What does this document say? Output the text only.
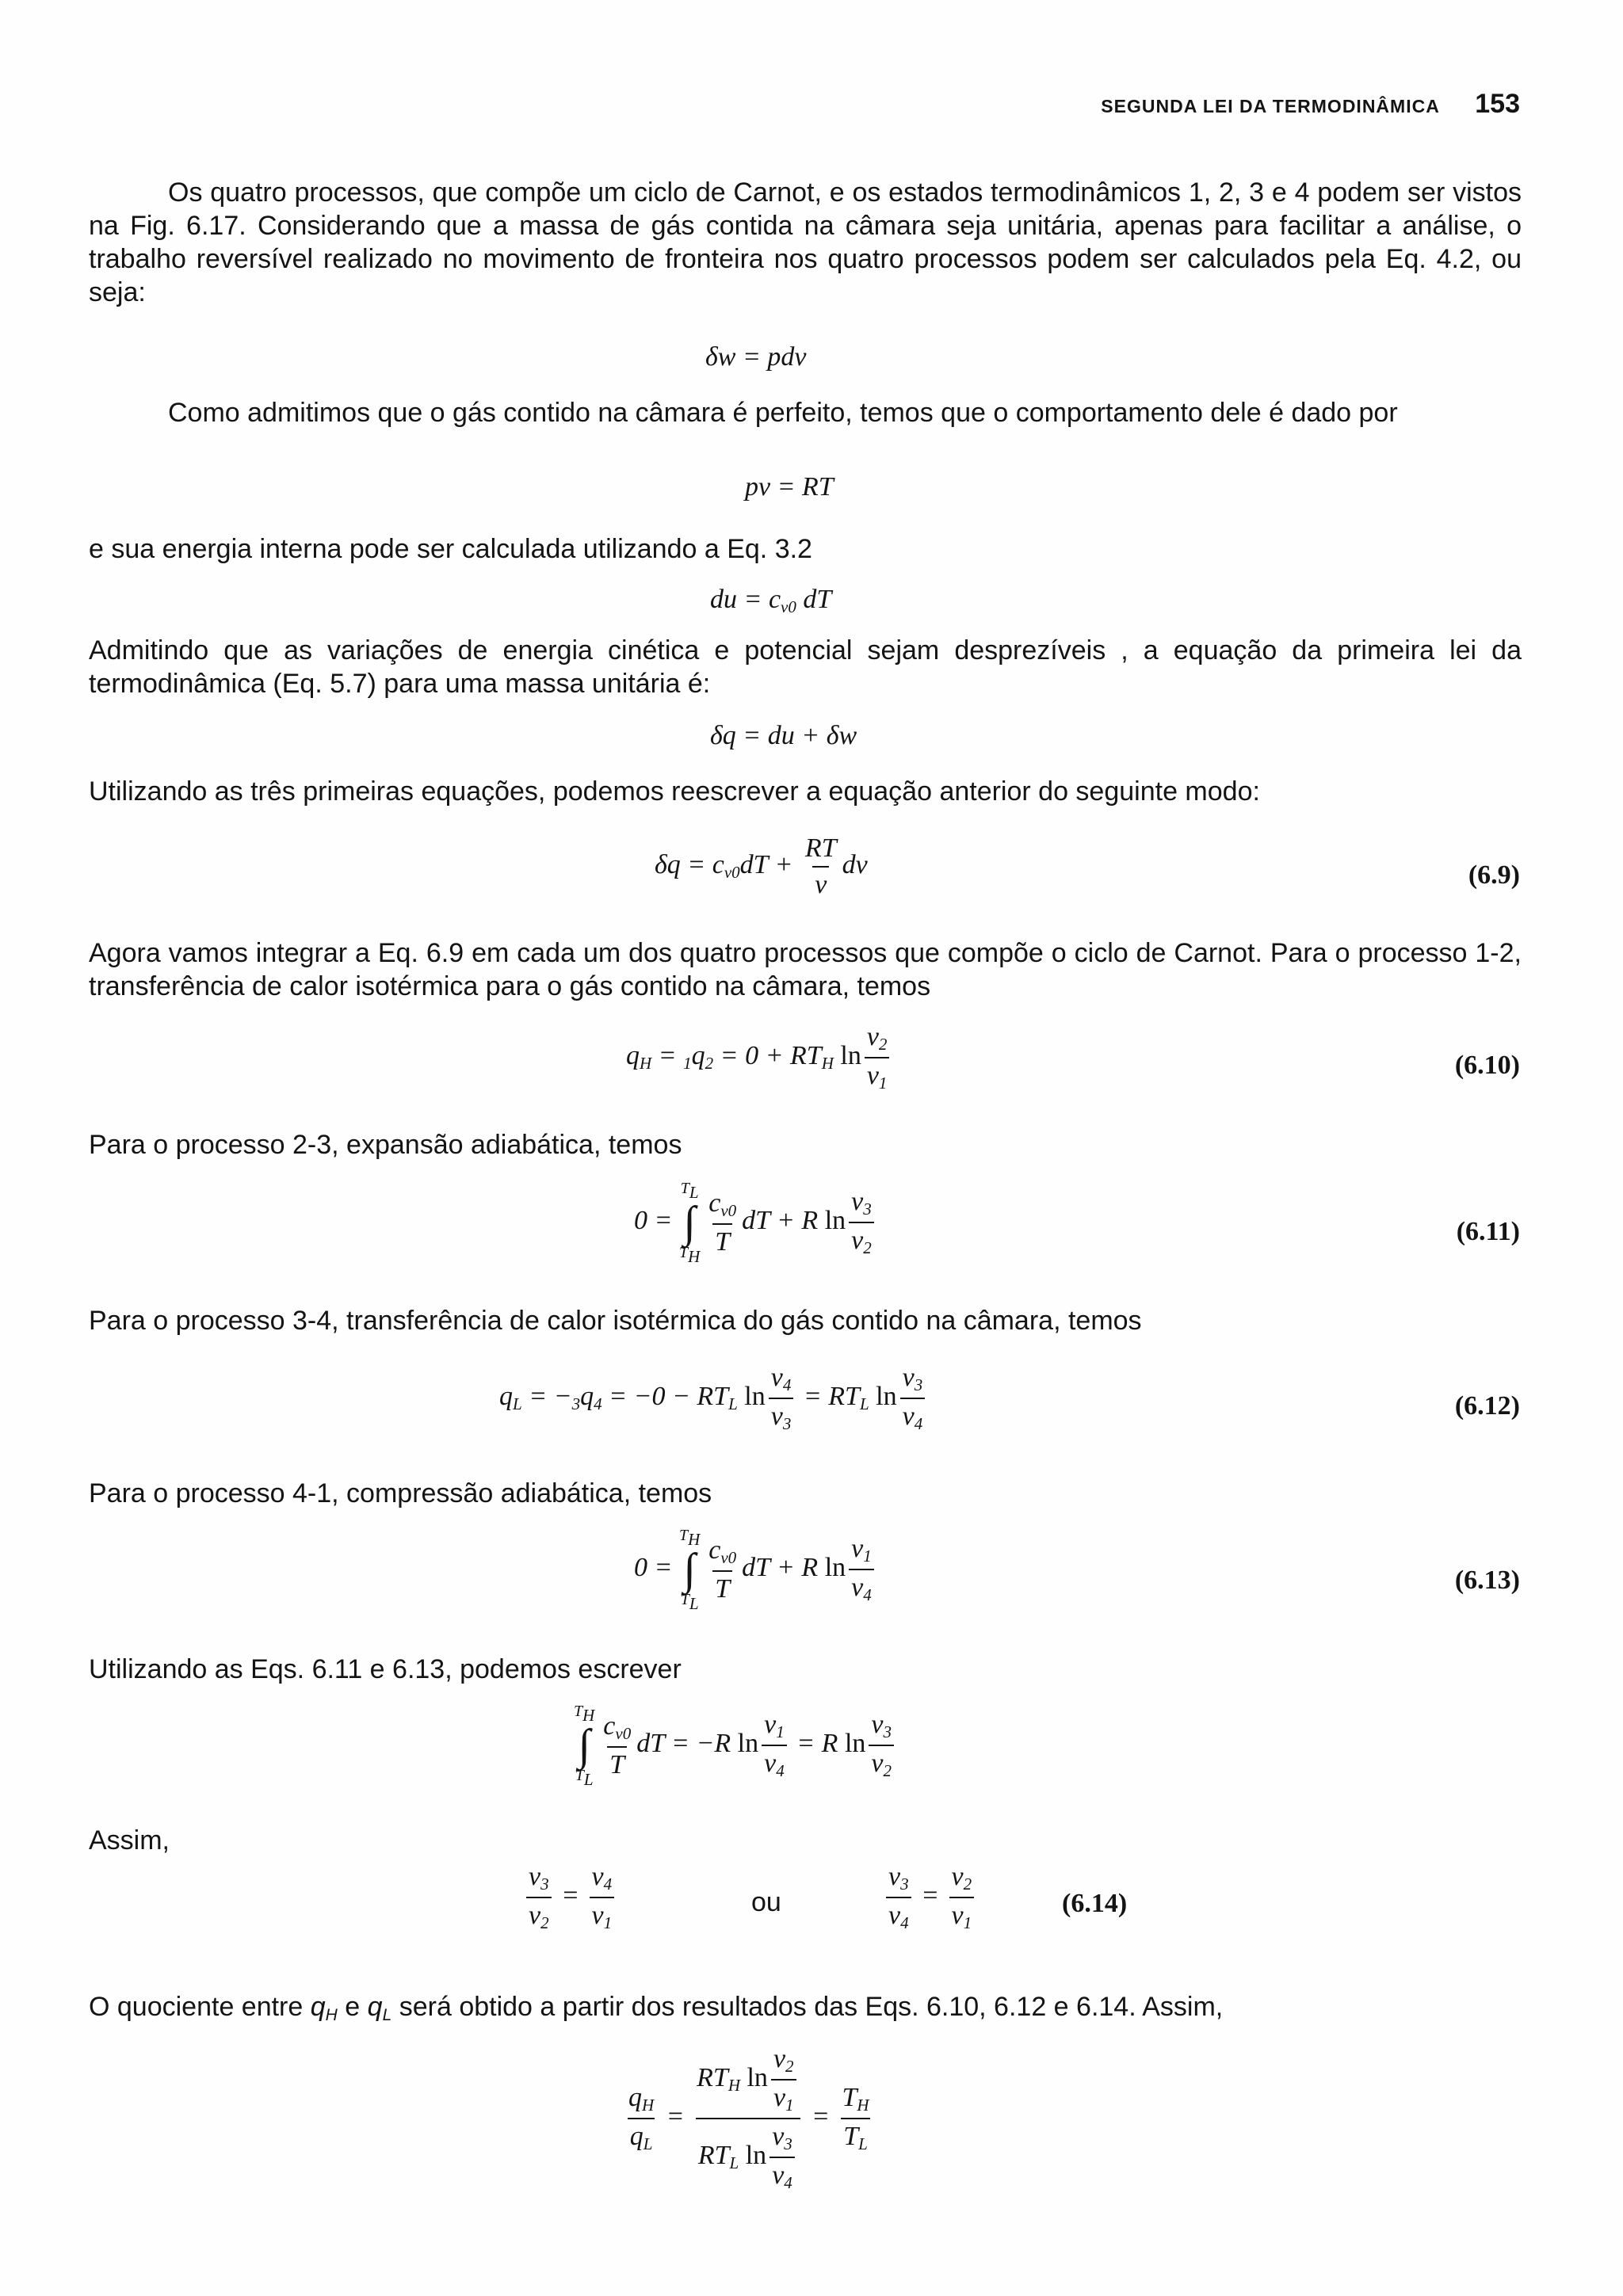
SEGUNDA LEI DA TERMODINÂMICA 153
Os quatro processos, que compõe um ciclo de Carnot, e os estados termodinâmicos 1, 2, 3 e 4 podem ser vistos na Fig. 6.17. Considerando que a massa de gás contida na câmara seja unitária, apenas para facilitar a análise, o trabalho reversível realizado no movimento de fronteira nos quatro processos podem ser calculados pela Eq. 4.2, ou seja:
δw = pdv
Como admitimos que o gás contido na câmara é perfeito, temos que o comportamento dele é dado por
pv = RT
e sua energia interna pode ser calculada utilizando a Eq. 3.2
du = $c_{v0}$ dT
Admitindo que as variações de energia cinética e potencial sejam desprezíveis , a equação da primeira lei da termodinâmica (Eq. 5.7) para uma massa unitária é:
δq = du + δw
Utilizando as três primeiras equações, podemos reescrever a equação anterior do seguinte modo:
$\delta q = c_{v0}dT + \frac{RT}{v}$ dv	(6.9)
Agora vamos integrar a Eq. 6.9 em cada um dos quatro processos que compõe o ciclo de Carnot. Para o processo 1-2, transferência de calor isotérmica para o gás contido na câmara, temos
$q_H = _1q_2 = 0 + RT_H$ $\ln \frac{v_2}{v_1}$	(6.10)
Para o processo 2-3, expansão adiabática, temos
0 =
$T_L$
∫
$T_H \frac{c_{v0}}{T}$ dT + R $\ln \frac{v_3}{v_2}$	(6.11)
Para o processo 3-4, transferência de calor isotérmica do gás contido na câmara, temos
$q_L = -_3q_4 = -0 - RT_L$ $\ln \frac{v_4}{v_3} = RT_L$ $\ln \frac{v_3}{v_4}$	(6.12)
Para o processo 4-1, compressão adiabática, temos
0 =
$T_H$
∫
$T_L \frac{c_{v0}}{T}$ dT + R $\ln \frac{v_1}{v_4}$	(6.13)
Utilizando as Eqs. 6.11 e 6.13, podemos escrever
$T_H$
∫
$T_L \frac{c_{v0}}{T}$ dT = −R $\ln \frac{v_1}{v_4} = R$ $\ln \frac{v_3}{v_2}$
Assim,
$\frac{v_3}{v_2} = \frac{v_4}{v_1}$	ou	$\frac{v_3}{v_4} = \frac{v_2}{v_1}$	(6.14)
O quociente entre $q_H$ e $q_L$ será obtido a partir dos resultados das Eqs. 6.10, 6.12 e 6.14. Assim,
$\frac{q_H}{q_L} = \frac{RT_H \ln \frac{v_2}{v_1}}{RT_L \ln \frac{v_3}{v_4}} = \frac{T_H}{T_L}$
